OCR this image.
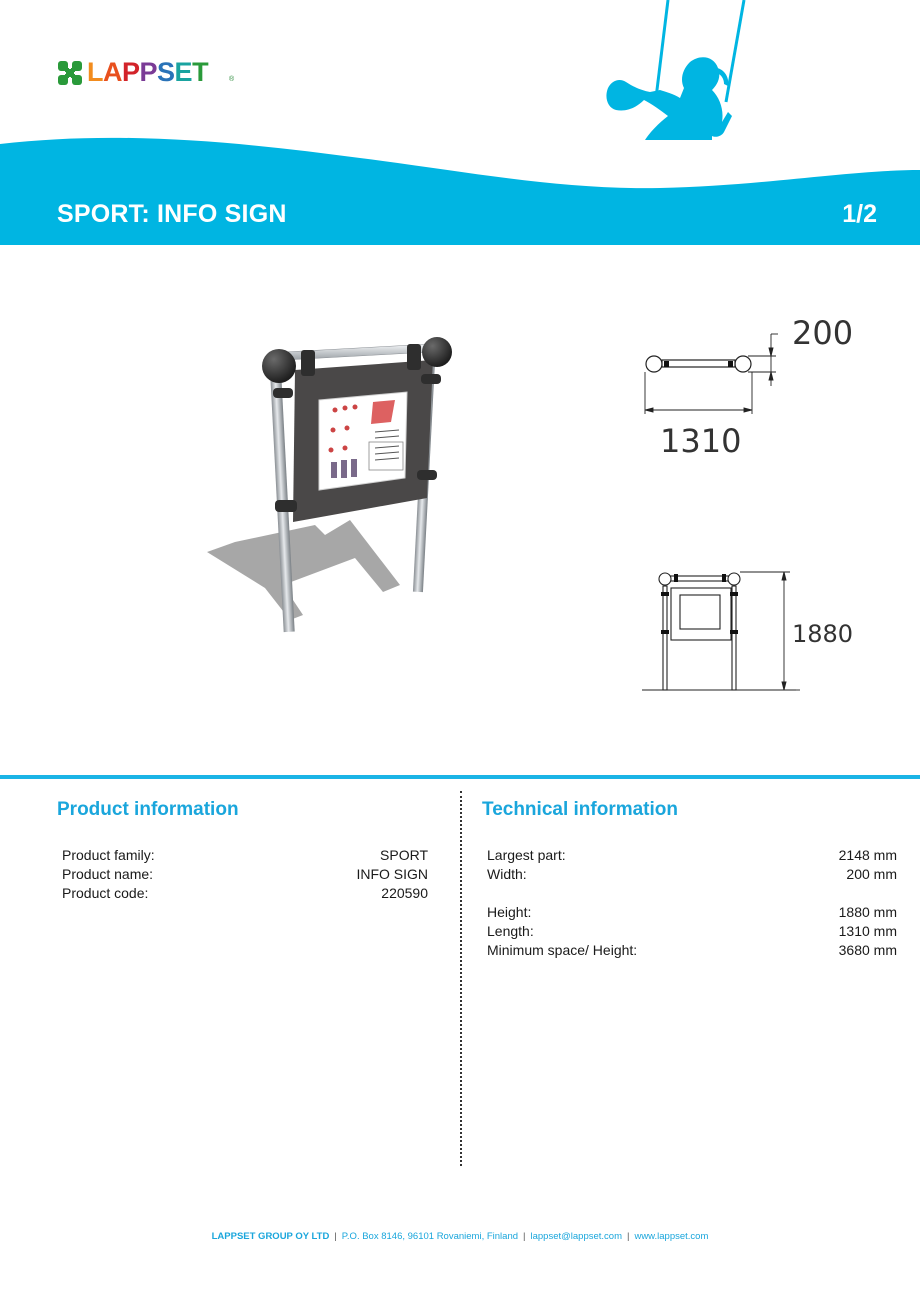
LAPPSET	®
SPORT: INFO SIGN	1/2
200
1310
1880
Product information
Product family:	SPORT
Product name:	INFO SIGN
Product code:	220590
Technical information
Largest part:	2148 mm
Width:	200 mm
Height:	1880 mm
Length:	1310 mm
Minimum space/ Height:	3680 mm
LAPPSET GROUP OY LTD | P.O. Box 8146, 96101 Rovaniemi, Finland | lappset@lappset.com | www.lappset.com
